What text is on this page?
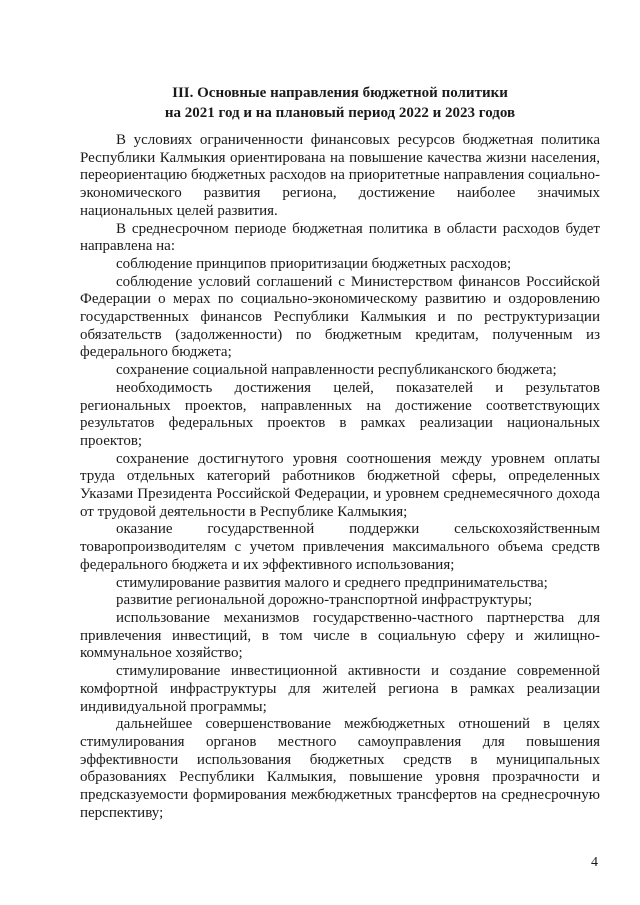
III. Основные направления бюджетной политики
на 2021 год и на плановый период 2022 и 2023 годов

В условиях ограниченности финансовых ресурсов бюджетная политика Республики Калмыкия ориентирована на повышение качества жизни населения, переориентацию бюджетных расходов на приоритетные направления социально-экономического развития региона, достижение наиболее значимых национальных целей развития.

В среднесрочном периоде бюджетная политика в области расходов будет направлена на:

соблюдение принципов приоритизации бюджетных расходов;

соблюдение условий соглашений с Министерством финансов Российской Федерации о мерах по социально-экономическому развитию и оздоровлению государственных финансов Республики Калмыкия и по реструктуризации обязательств (задолженности) по бюджетным кредитам, полученным из федерального бюджета;

сохранение социальной направленности республиканского бюджета;

необходимость достижения целей, показателей и результатов региональных проектов, направленных на достижение соответствующих результатов федеральных проектов в рамках реализации национальных проектов;

сохранение достигнутого уровня соотношения между уровнем оплаты труда отдельных категорий работников бюджетной сферы, определенных Указами Президента Российской Федерации, и уровнем среднемесячного дохода от трудовой деятельности в Республике Калмыкия;

оказание государственной поддержки сельскохозяйственным товаропроизводителям с учетом привлечения максимального объема средств федерального бюджета и их эффективного использования;

стимулирование развития малого и среднего предпринимательства;

развитие региональной дорожно-транспортной инфраструктуры;

использование механизмов государственно-частного партнерства для привлечения инвестиций, в том числе в социальную сферу и жилищно-коммунальное хозяйство;

стимулирование инвестиционной активности и создание современной комфортной инфраструктуры для жителей региона в рамках реализации индивидуальной программы;

дальнейшее совершенствование межбюджетных отношений в целях стимулирования органов местного самоуправления для повышения эффективности использования бюджетных средств в муниципальных образованиях Республики Калмыкия, повышение уровня прозрачности и предсказуемости формирования межбюджетных трансфертов на среднесрочную перспективу;

4
